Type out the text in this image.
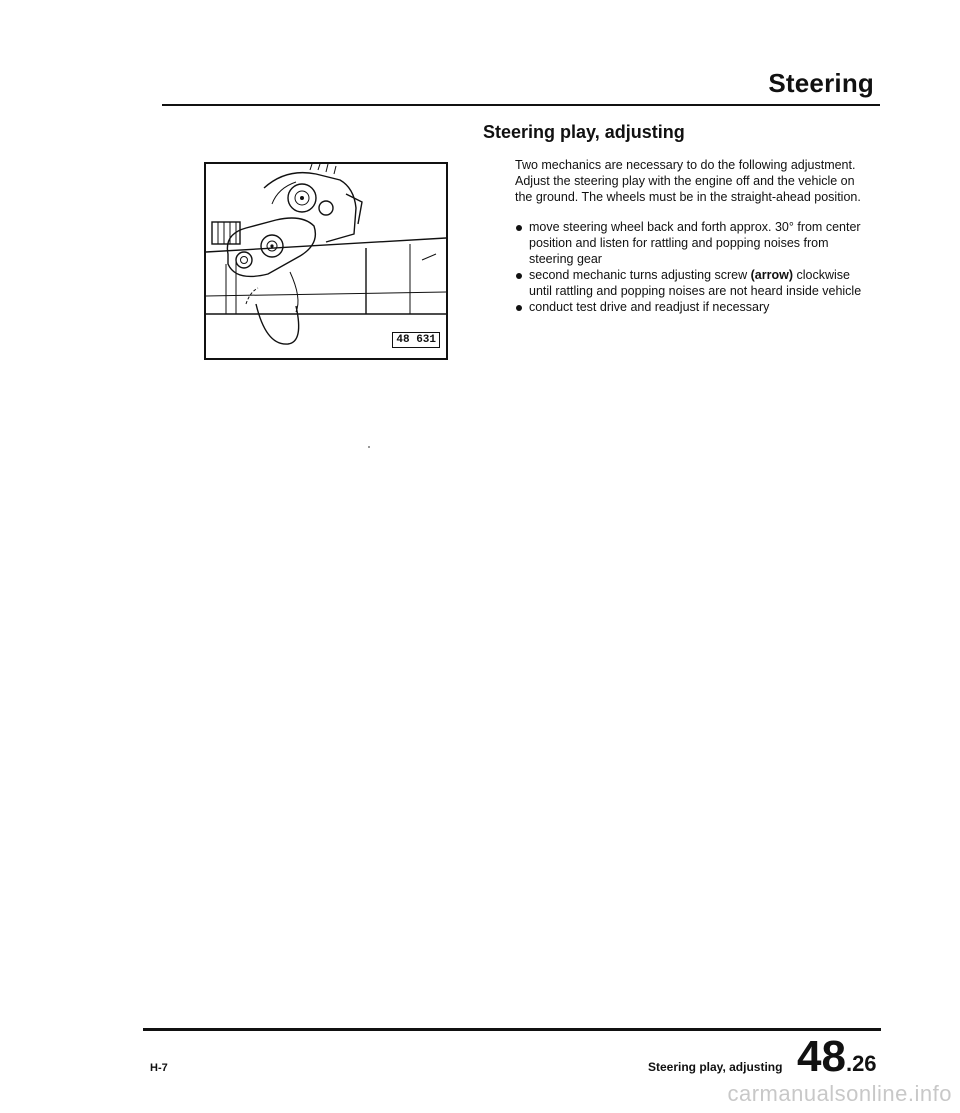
Steering
Steering play, adjusting
48 631

Two mechanics are necessary to do the following adjustment. Adjust the steering play with the engine off and the vehicle on the ground. The wheels must be in the straight-ahead position.

move steering wheel back and forth approx. 30° from center position and listen for rattling and popping noises from steering gear
second mechanic turns adjusting screw (arrow) clockwise until rattling and popping noises are not heard inside vehicle
conduct test drive and readjust if necessary
H-7	Steering play, adjusting 48.26
carmanualsonline.info
